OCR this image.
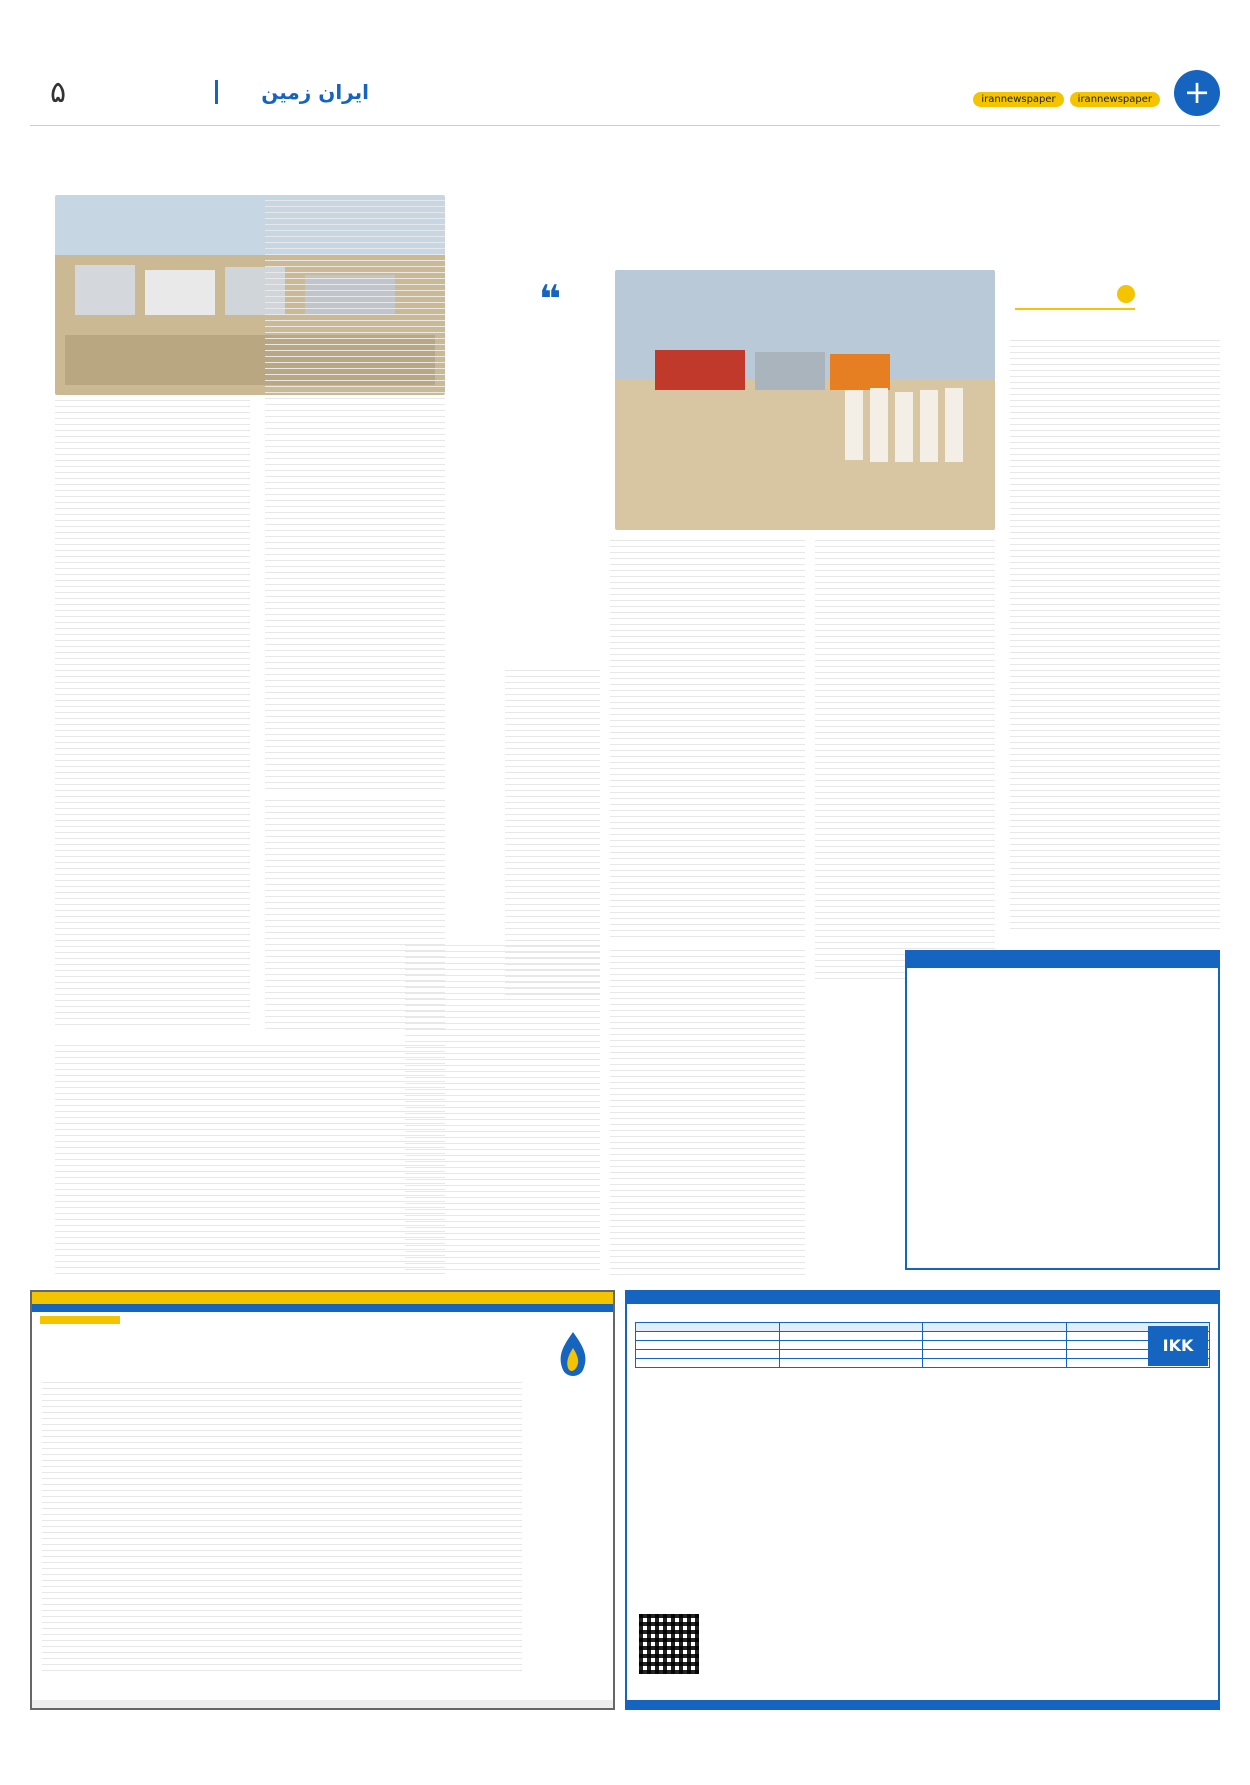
۵	ایران زمین	irannewspaper	irannewspaper +
❝
IKK
